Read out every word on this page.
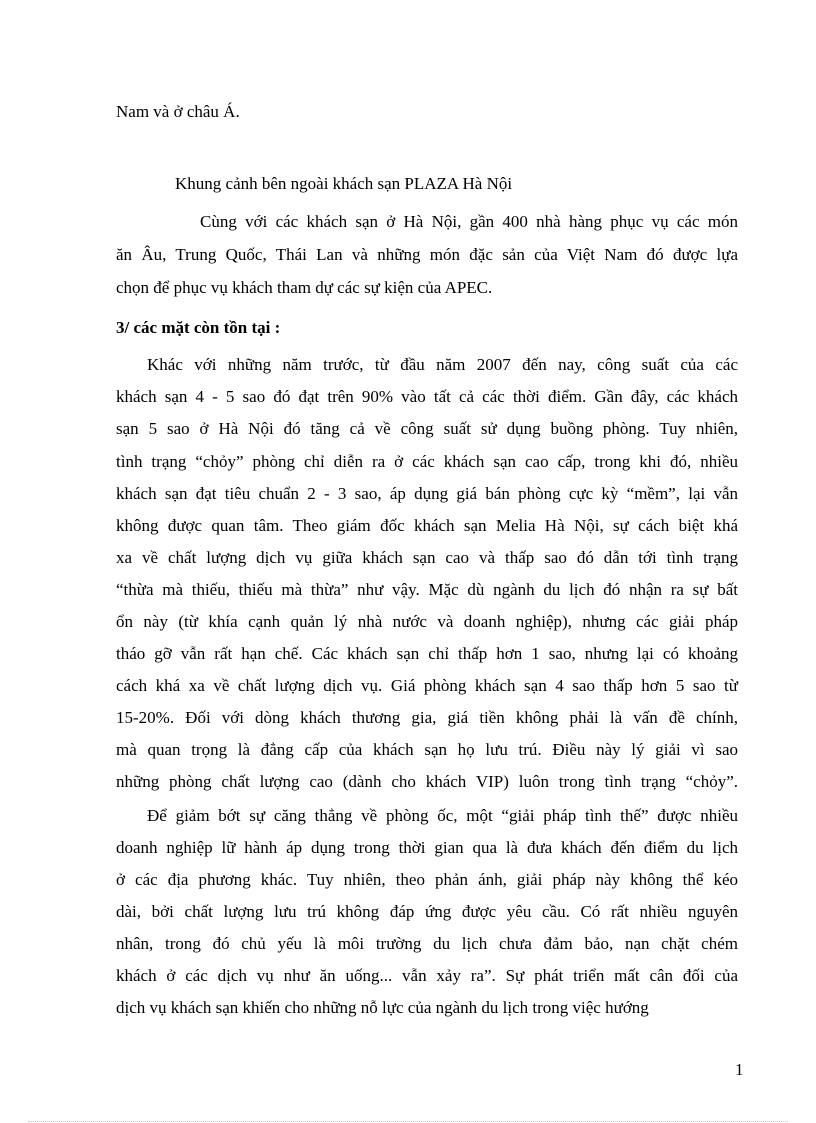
Nam và ở châu Á.
Khung cảnh bên ngoài khách sạn PLAZA Hà Nội
Cùng với các khách sạn ở Hà Nội, gần 400 nhà hàng phục vụ các món
ăn Âu, Trung Quốc, Thái Lan và những món đặc sản của Việt Nam đó được lựa
chọn để phục vụ khách tham dự các sự kiện của APEC.
3/ các mặt còn tồn tại :
Khác với những năm trước, từ đầu năm 2007 đến nay, công suất của các
khách sạn 4 - 5 sao đó đạt trên 90% vào tất cả các thời điểm. Gần đây, các khách
sạn 5 sao ở Hà Nội đó tăng cả về công suất sử dụng buồng phòng. Tuy nhiên,
tình trạng “chỏy” phòng chỉ diễn ra ở các khách sạn cao cấp, trong khi đó, nhiều
khách sạn đạt tiêu chuẩn 2 - 3 sao, áp dụng giá bán phòng cực kỳ “mềm”, lại vẫn
không được quan tâm. Theo giám đốc khách sạn Melia Hà Nội, sự cách biệt khá
xa về chất lượng dịch vụ giữa khách sạn cao và thấp sao đó dẫn tới tình trạng
“thừa mà thiếu, thiếu mà thừa” như vậy. Mặc dù ngành du lịch đó nhận ra sự bất
ổn này (từ khía cạnh quản lý nhà nước và doanh nghiệp), nhưng các giải pháp
tháo gỡ vẫn rất hạn chế. Các khách sạn chỉ thấp hơn 1 sao, nhưng lại có khoảng
cách khá xa về chất lượng dịch vụ. Giá phòng khách sạn 4 sao thấp hơn 5 sao từ
15-20%. Đối với dòng khách thương gia, giá tiền không phải là vấn đề chính,
mà quan trọng là đẳng cấp của khách sạn họ lưu trú. Điều này lý giải vì sao
những phòng chất lượng cao (dành cho khách VIP) luôn trong tình trạng “chỏy”.
Để giảm bớt sự căng thẳng về phòng ốc, một “giải pháp tình thế” được nhiều
doanh nghiệp lữ hành áp dụng trong thời gian qua là đưa khách đến điểm du lịch
ở các địa phương khác. Tuy nhiên, theo phản ánh, giải pháp này không thể kéo
dài, bởi chất lượng lưu trú không đáp ứng được yêu cầu. Có rất nhiều nguyên
nhân, trong đó chủ yếu là môi trường du lịch chưa đảm bảo, nạn chặt chém
khách ở các dịch vụ như ăn uống... vẫn xảy ra”. Sự phát triển mất cân đối của
dịch vụ khách sạn khiến cho những nỗ lực của ngành du lịch trong việc hướng
1
